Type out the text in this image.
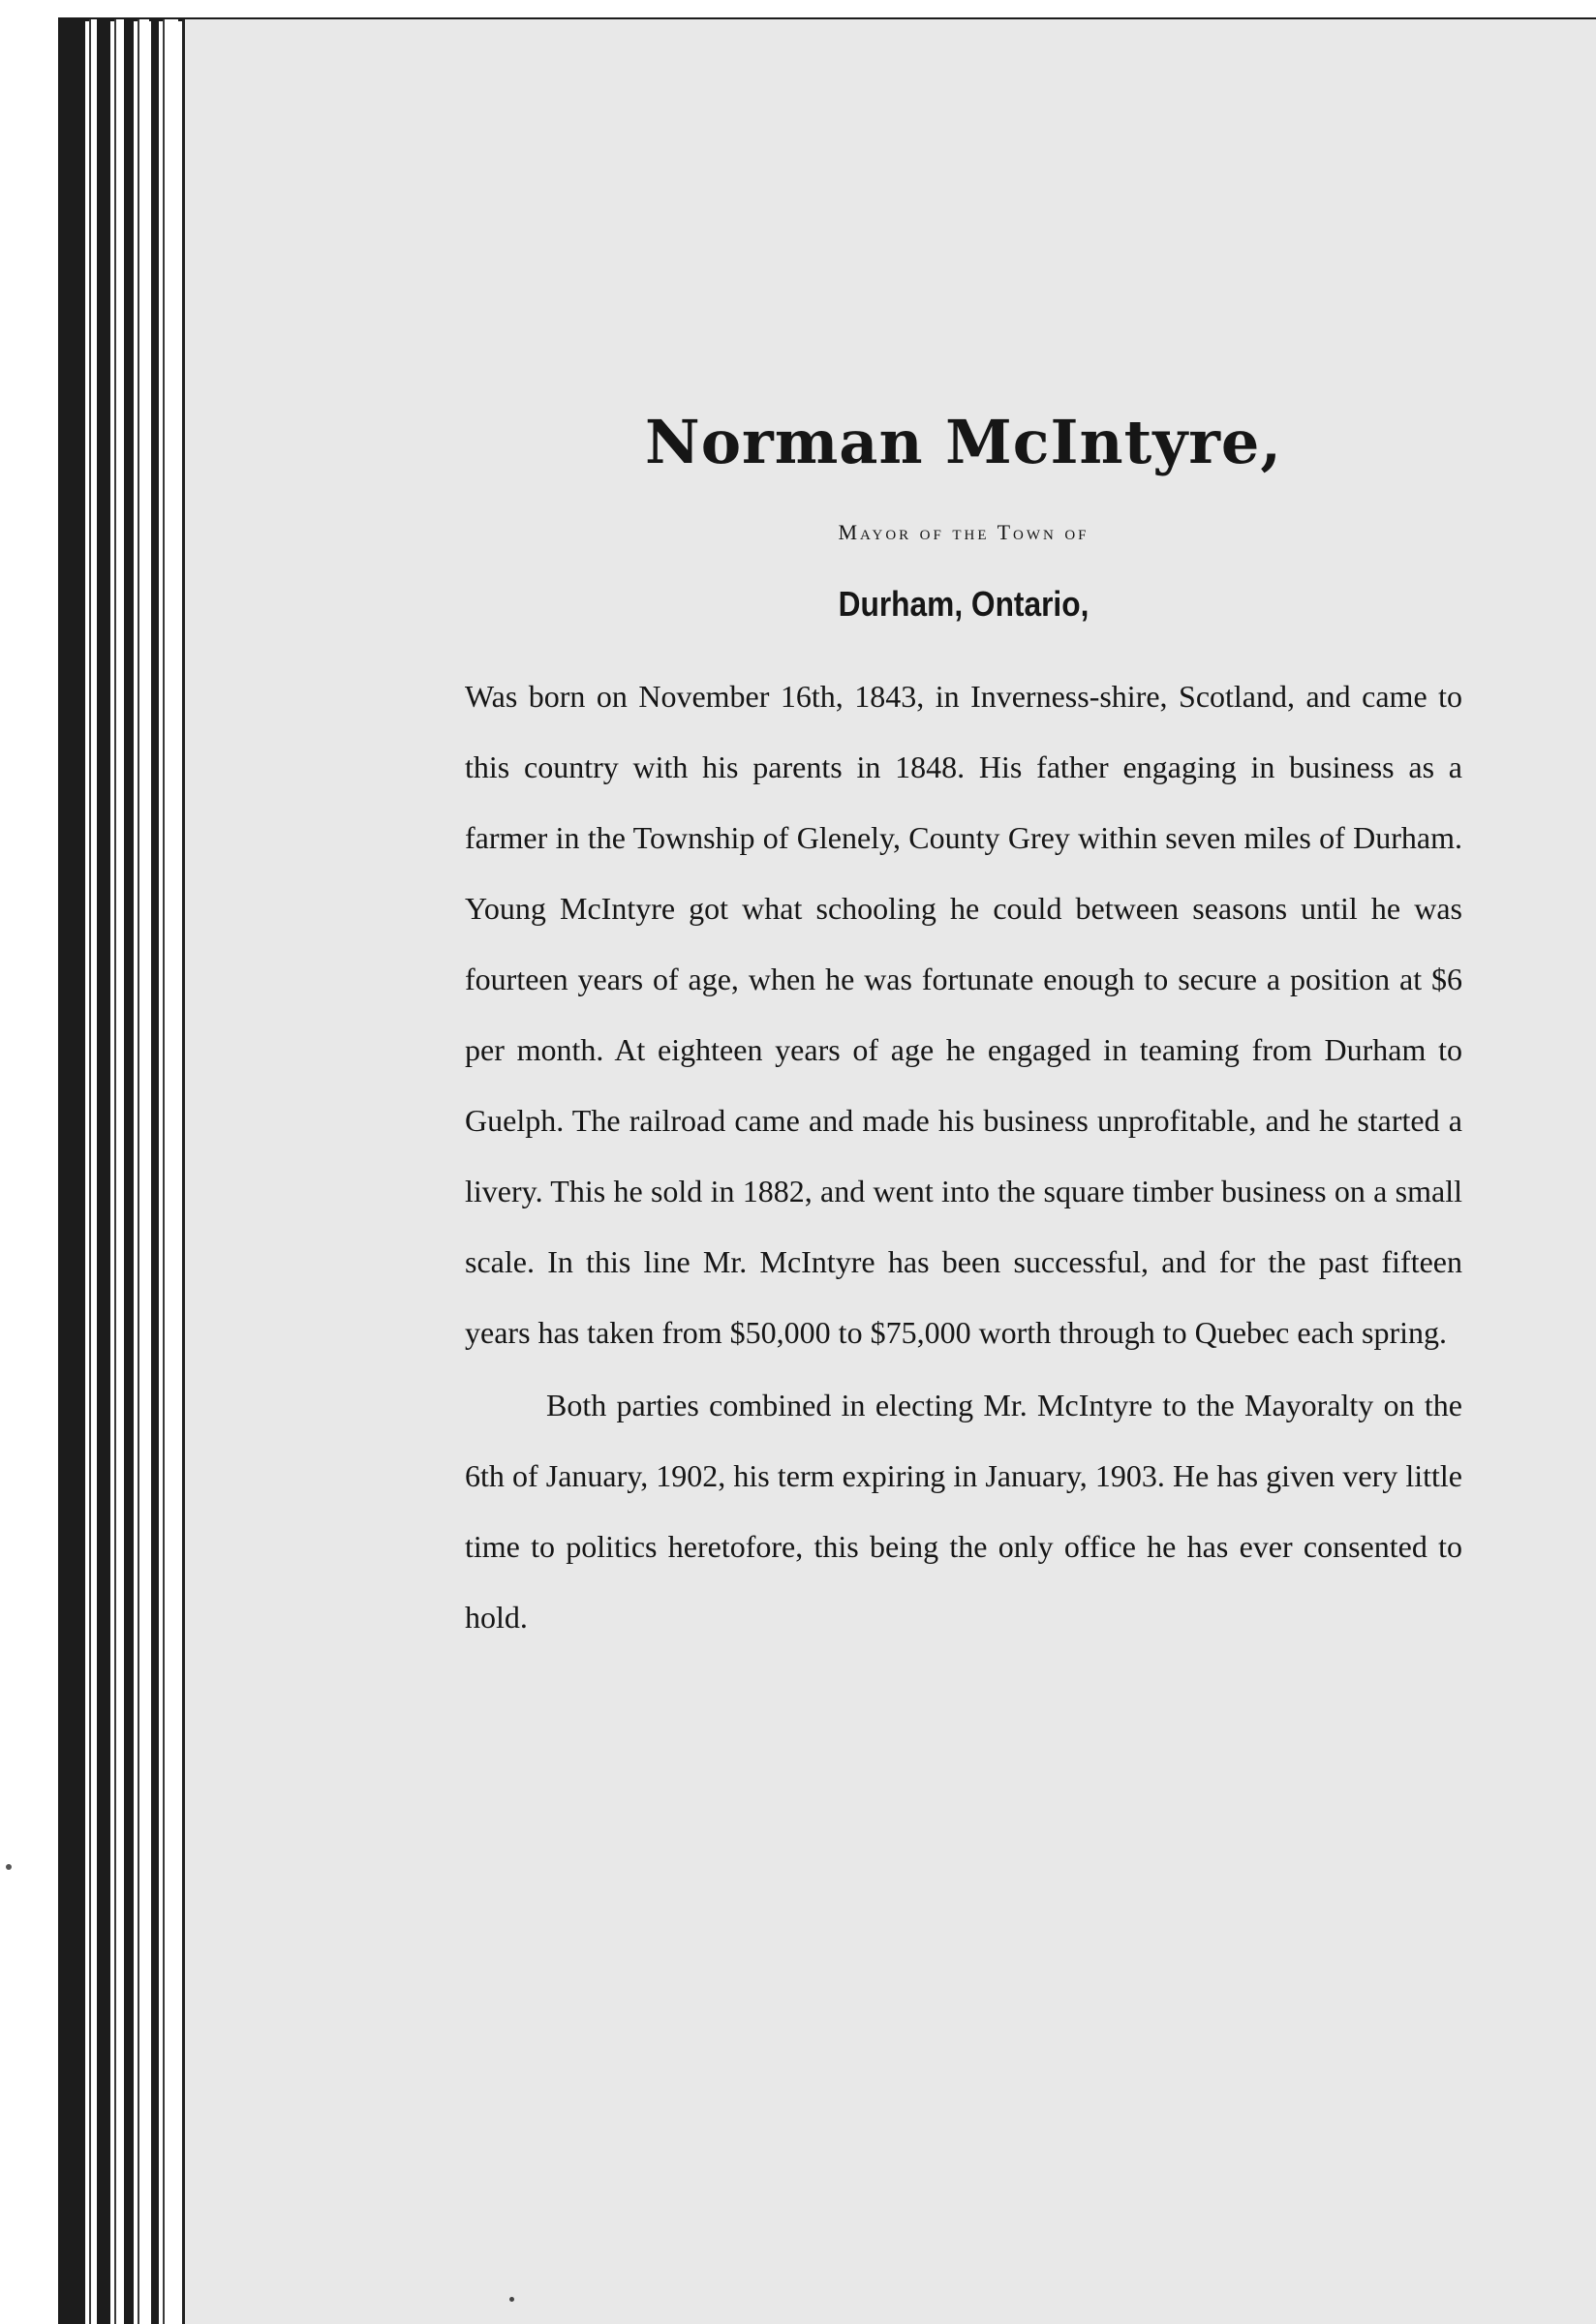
Norman McIntyre,
Mayor of the Town of
Durham, Ontario,

Was born on November 16th, 1843, in Inverness-shire, Scotland, and came to this country with his parents in 1848. His father engaging in business as a farmer in the Township of Glenely, County Grey within seven miles of Durham. Young McIntyre got what schooling he could between seasons until he was fourteen years of age, when he was fortunate enough to secure a position at $6 per month. At eighteen years of age he engaged in teaming from Durham to Guelph. The railroad came and made his business unprofitable, and he started a livery. This he sold in 1882, and went into the square timber business on a small scale. In this line Mr. McIntyre has been successful, and for the past fifteen years has taken from $50,000 to $75,000 worth through to Quebec each spring.

Both parties combined in electing Mr. McIntyre to the Mayoralty on the 6th of January, 1902, his term expiring in January, 1903. He has given very little time to politics heretofore, this being the only office he has ever consented to hold.
